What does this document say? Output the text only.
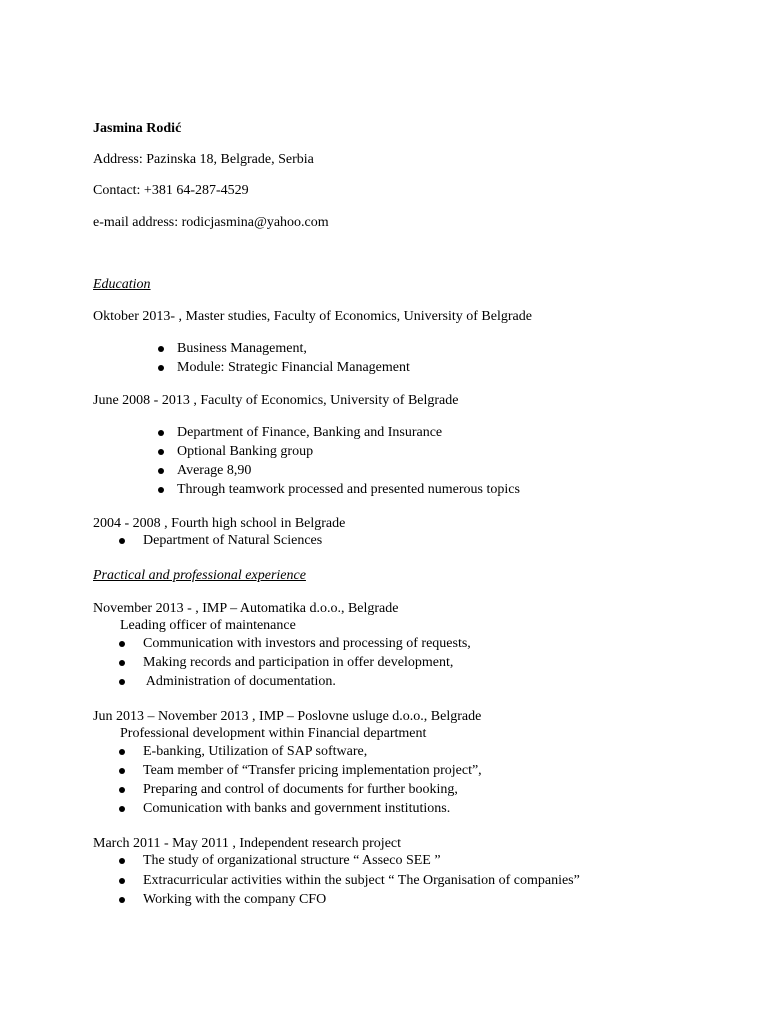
Jasmina Rodić
Address: Pazinska 18, Belgrade, Serbia
Contact: +381 64-287-4529
e-mail address: rodicjasmina@yahoo.com
Education
Oktober 2013- , Master studies, Faculty of Economics, University of Belgrade
Business Management,
Module: Strategic Financial Management
June 2008 - 2013 , Faculty of Economics, University of Belgrade
Department of Finance, Banking and Insurance
Optional Banking group
Average 8,90
Through teamwork processed and presented numerous topics
2004 - 2008 , Fourth high school in Belgrade
Department of Natural Sciences
Practical and professional experience
November 2013 - , IMP – Automatika d.o.o., Belgrade
Leading officer of maintenance
Communication with investors and processing of requests,
Making records and participation in offer development,
Administration of documentation.
Jun 2013 – November 2013 , IMP – Poslovne usluge d.o.o., Belgrade
Professional development within Financial department
E-banking, Utilization of SAP software,
Team member of “Transfer pricing implementation project”,
Preparing and control of documents for further booking,
Comunication with banks and government institutions.
March 2011 - May 2011 , Independent research project
The study of organizational structure “ Asseco SEE ”
Extracurricular activities within the subject “ The Organisation of companies”
Working with the company CFO
